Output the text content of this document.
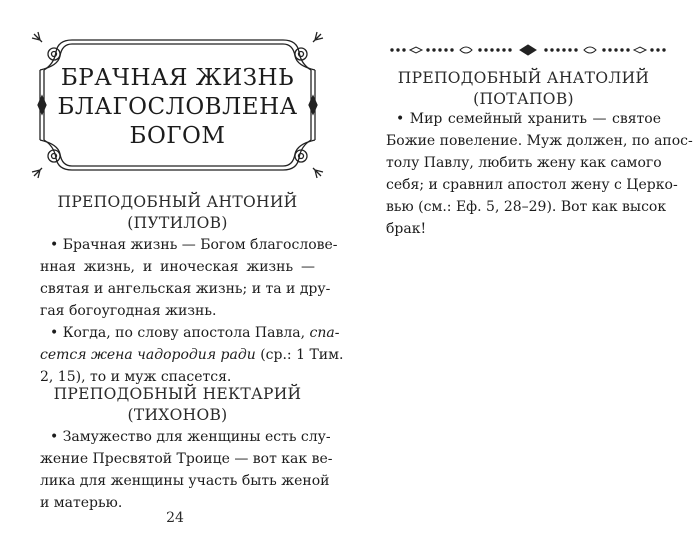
БРАЧНАЯ ЖИЗНЬ
БЛАГОСЛОВЛЕНА
БОГОМ
ПРЕПОДОБНЫЙ АНТОНИЙ
(ПУТИЛОВ)
• Брачная жизнь — Богом благослове-
нная жизнь, и иноческая жизнь —
святая и ангельская жизнь; и та и дру-
гая богоугодная жизнь.
• Когда, по слову апостола Павла, спа-
сется жена чадородия ради (ср.: 1 Тим.
2, 15), то и муж спасется.
ПРЕПОДОБНЫЙ НЕКТАРИЙ
(ТИХОНОВ)
• Замужество для женщины есть слу-
жение Пресвятой Троице — вот как ве-
лика для женщины участь быть женой
и матерью.
24
ПРЕПОДОБНЫЙ АНАТОЛИЙ
(ПОТАПОВ)
• Мир семейный хранить — святое
Божие повеление. Муж должен, по апос-
толу Павлу, любить жену как самого
себя; и сравнил апостол жену с Церко-
вью (см.: Еф. 5, 28–29). Вот как высок
брак!
